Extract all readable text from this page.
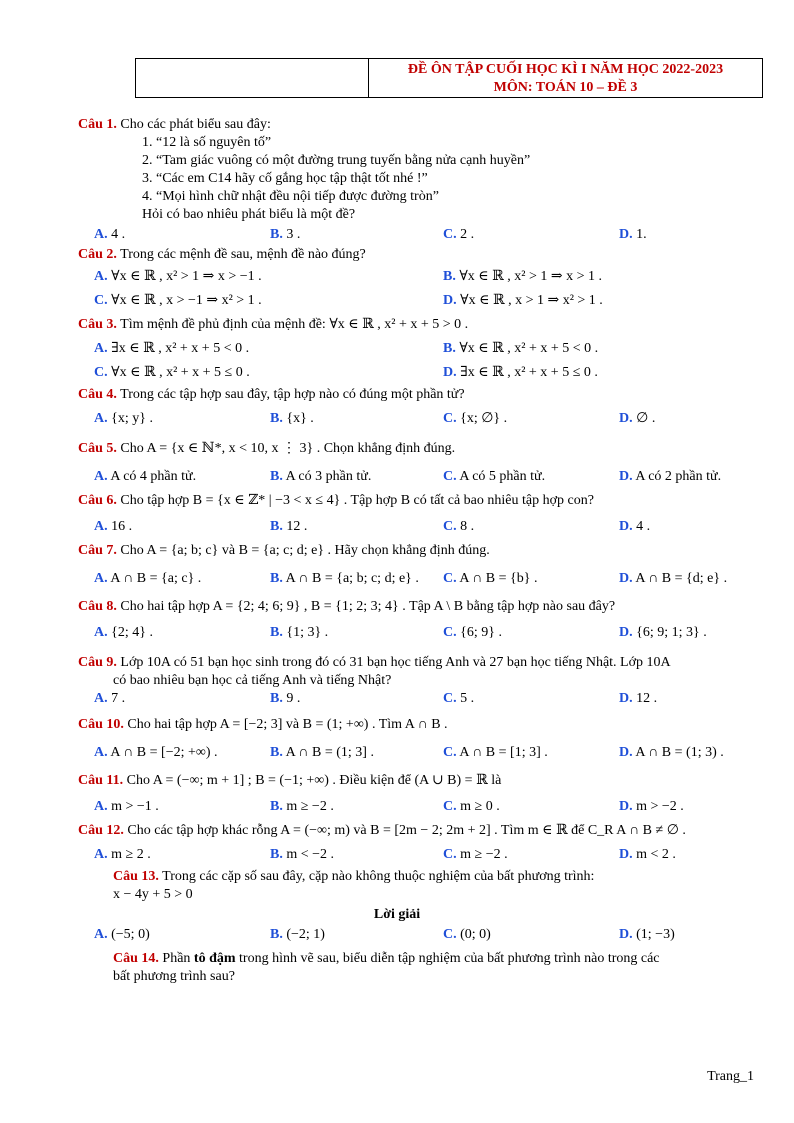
ĐỀ ÔN TẬP CUỐI HỌC KÌ I NĂM HỌC 2022-2023
MÔN: TOÁN 10 – ĐỀ 3
Câu 1. Cho các phát biểu sau đây:
1. “12 là số nguyên tố”
2. “Tam giác vuông có một đường trung tuyến bằng nửa cạnh huyền”
3. “Các em C14 hãy cố gắng học tập thật tốt nhé !”
4. “Mọi hình chữ nhật đều nội tiếp được đường tròn”
Hỏi có bao nhiêu phát biểu là một đề?
A. 4 .	B. 3 .	C. 2 .	D. 1.
Câu 2. Trong các mệnh đề sau, mệnh đề nào đúng?
A. ∀x ∈ ℝ , x² > 1 ⇒ x > −1 .	B. ∀x ∈ ℝ , x² > 1 ⇒ x > 1 .
C. ∀x ∈ ℝ , x > −1 ⇒ x² > 1 .	D. ∀x ∈ ℝ , x > 1 ⇒ x² > 1 .
Câu 3. Tìm mệnh đề phủ định của mệnh đề: ∀x ∈ ℝ , x² + x + 5 > 0 .
A. ∃x ∈ ℝ , x² + x + 5 < 0 .	B. ∀x ∈ ℝ , x² + x + 5 < 0 .
C. ∀x ∈ ℝ , x² + x + 5 ≤ 0 .	D. ∃x ∈ ℝ , x² + x + 5 ≤ 0 .
Câu 4. Trong các tập hợp sau đây, tập hợp nào có đúng một phần tử?
A. {x; y} .	B. {x} .	C. {x; ∅} .	D. ∅ .
Câu 5. Cho A = {x ∈ ℕ*, x < 10, x ⋮ 3} . Chọn khẳng định đúng.
A. A có 4 phần tử.	B. A có 3 phần tử.	C. A có 5 phần tử.	D. A có 2 phần tử.
Câu 6. Cho tập hợp B = {x ∈ ℤ* | −3 < x ≤ 4} . Tập hợp B có tất cả bao nhiêu tập hợp con?
A. 16 .	B. 12 .	C. 8 .	D. 4 .
Câu 7. Cho A = {a; b; c} và B = {a; c; d; e} . Hãy chọn khẳng định đúng.
A. A ∩ B = {a; c} .	B. A ∩ B = {a; b; c; d; e} . C. A ∩ B = {b} .	D. A ∩ B = {d; e} .
Câu 8. Cho hai tập hợp A = {2; 4; 6; 9} , B = {1; 2; 3; 4} . Tập A \ B bằng tập hợp nào sau đây?
A. {2; 4} .	B. {1; 3} .	C. {6; 9} .	D. {6; 9; 1; 3} .
Câu 9. Lớp 10A có 51 bạn học sinh trong đó có 31 bạn học tiếng Anh và 27 bạn học tiếng Nhật. Lớp 10A
có bao nhiêu bạn học cả tiếng Anh và tiếng Nhật?
A. 7 .	B. 9 .	C. 5 .	D. 12 .
Câu 10. Cho hai tập hợp A = [−2; 3] và B = (1; +∞) . Tìm A ∩ B .
A. A ∩ B = [−2; +∞) .	B. A ∩ B = (1; 3] .	C. A ∩ B = [1; 3] .	D. A ∩ B = (1; 3) .
Câu 11. Cho A = (−∞; m + 1] ; B = (−1; +∞) . Điều kiện để (A ∪ B) = ℝ là
A. m > −1 .	B. m ≥ −2 .	C. m ≥ 0 .	D. m > −2 .
Câu 12. Cho các tập hợp khác rỗng A = (−∞; m) và B = [2m − 2; 2m + 2] . Tìm m ∈ ℝ để C_R A ∩ B ≠ ∅ .
A. m ≥ 2 .	B. m < −2 .	C. m ≥ −2 .	D. m < 2 .
Câu 13. Trong các cặp số sau đây, cặp nào không thuộc nghiệm của bất phương trình:
x − 4y + 5 > 0
Lời giải
A. (−5; 0)	B. (−2; 1)	C. (0; 0)	D. (1; −3)
Câu 14. Phần tô đậm trong hình vẽ sau, biểu diễn tập nghiệm của bất phương trình nào trong các
bất phương trình sau?
Trang_1
